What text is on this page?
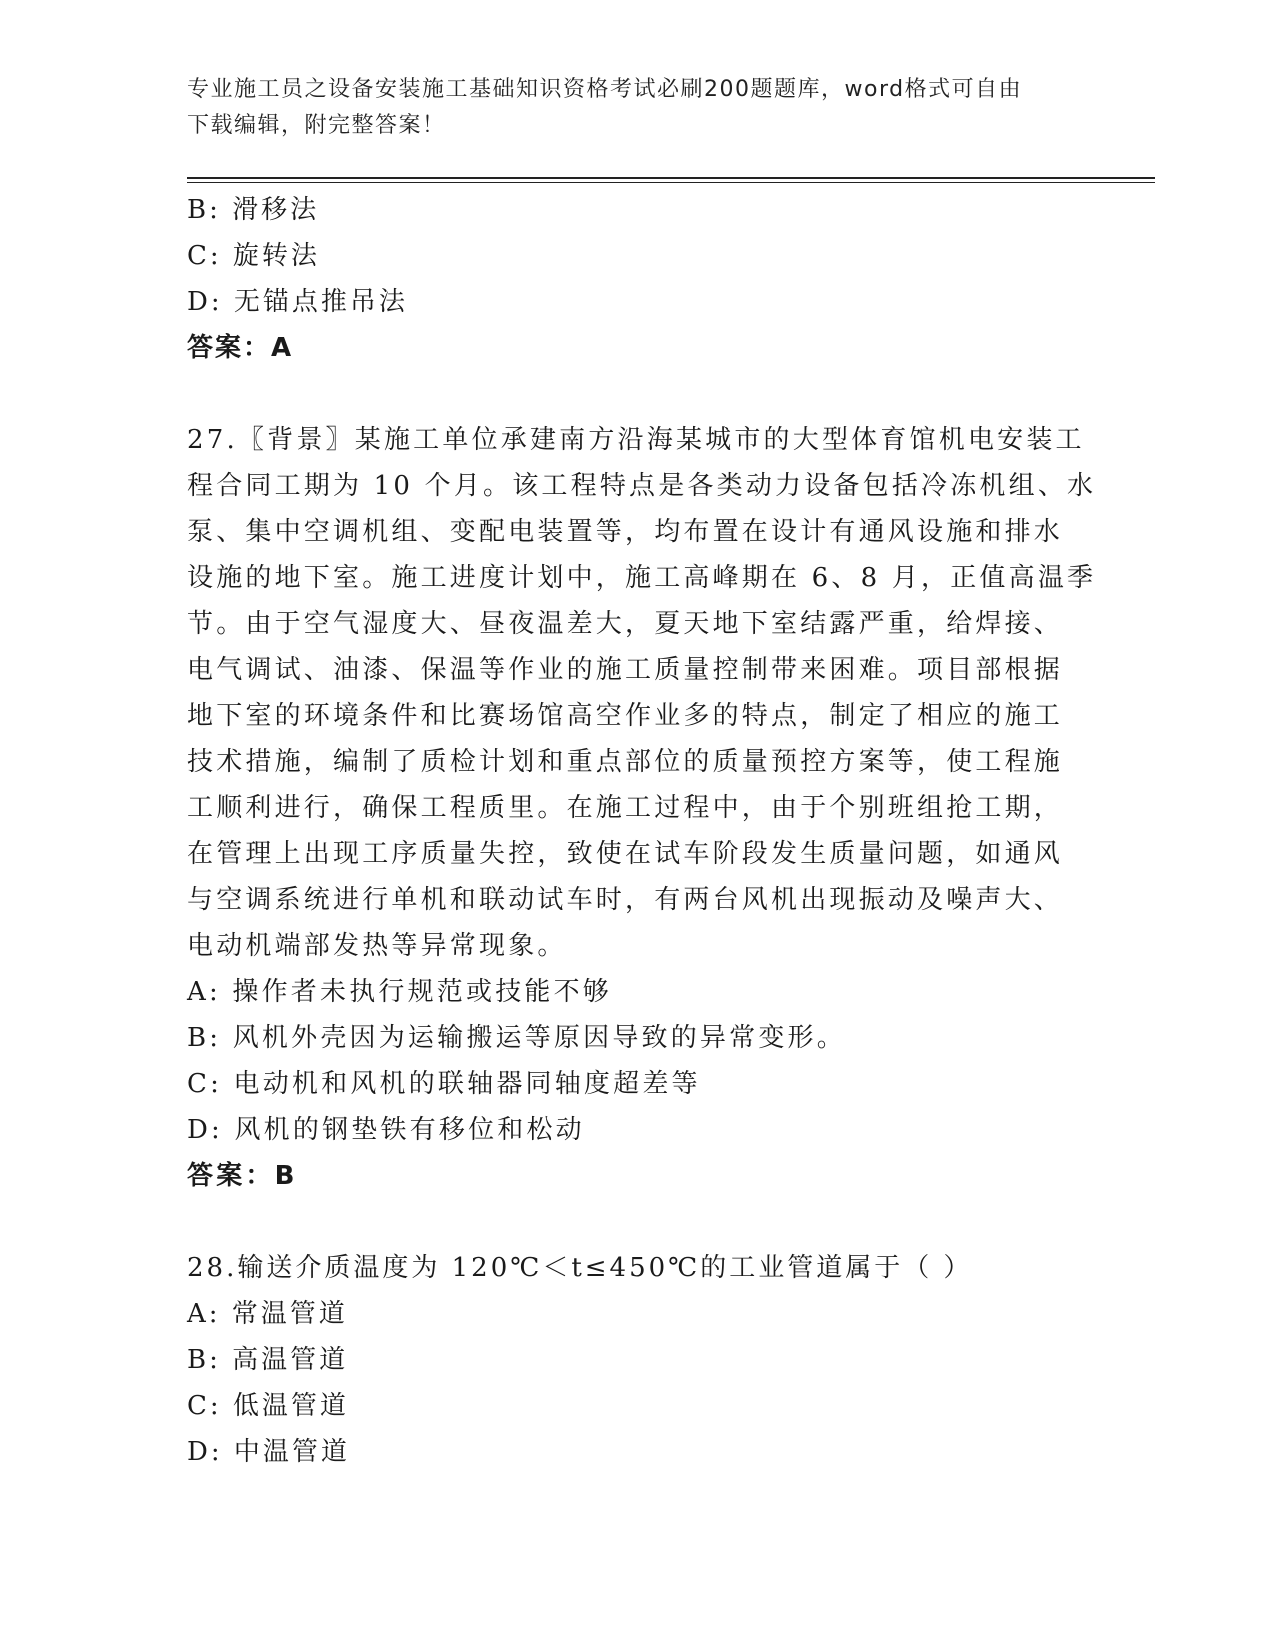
专业施工员之设备安装施工基础知识资格考试必刷200题题库，word格式可自由
下载编辑，附完整答案！
B: 滑移法
C: 旋转法
D: 无锚点推吊法
答案：A
27.〖背景〗某施工单位承建南方沿海某城市的大型体育馆机电安装工
程合同工期为 10 个月。该工程特点是各类动力设备包括冷冻机组、水
泵、集中空调机组、变配电装置等，均布置在设计有通风设施和排水
设施的地下室。施工进度计划中，施工高峰期在 6、8 月，正值高温季
节。由于空气湿度大、昼夜温差大，夏天地下室结露严重，给焊接、
电气调试、油漆、保温等作业的施工质量控制带来困难。项目部根据
地下室的环境条件和比赛场馆高空作业多的特点，制定了相应的施工
技术措施，编制了质检计划和重点部位的质量预控方案等，使工程施
工顺利进行，确保工程质里。在施工过程中，由于个别班组抢工期，
在管理上出现工序质量失控，致使在试车阶段发生质量问题，如通风
与空调系统进行单机和联动试车时，有两台风机出现振动及噪声大、
电动机端部发热等异常现象。
A: 操作者未执行规范或技能不够
B: 风机外壳因为运输搬运等原因导致的异常变形。
C: 电动机和风机的联轴器同轴度超差等
D: 风机的钢垫铁有移位和松动
答案：B
28.输送介质温度为 120℃＜t≤450℃的工业管道属于（ ）
A: 常温管道
B: 高温管道
C: 低温管道
D: 中温管道
